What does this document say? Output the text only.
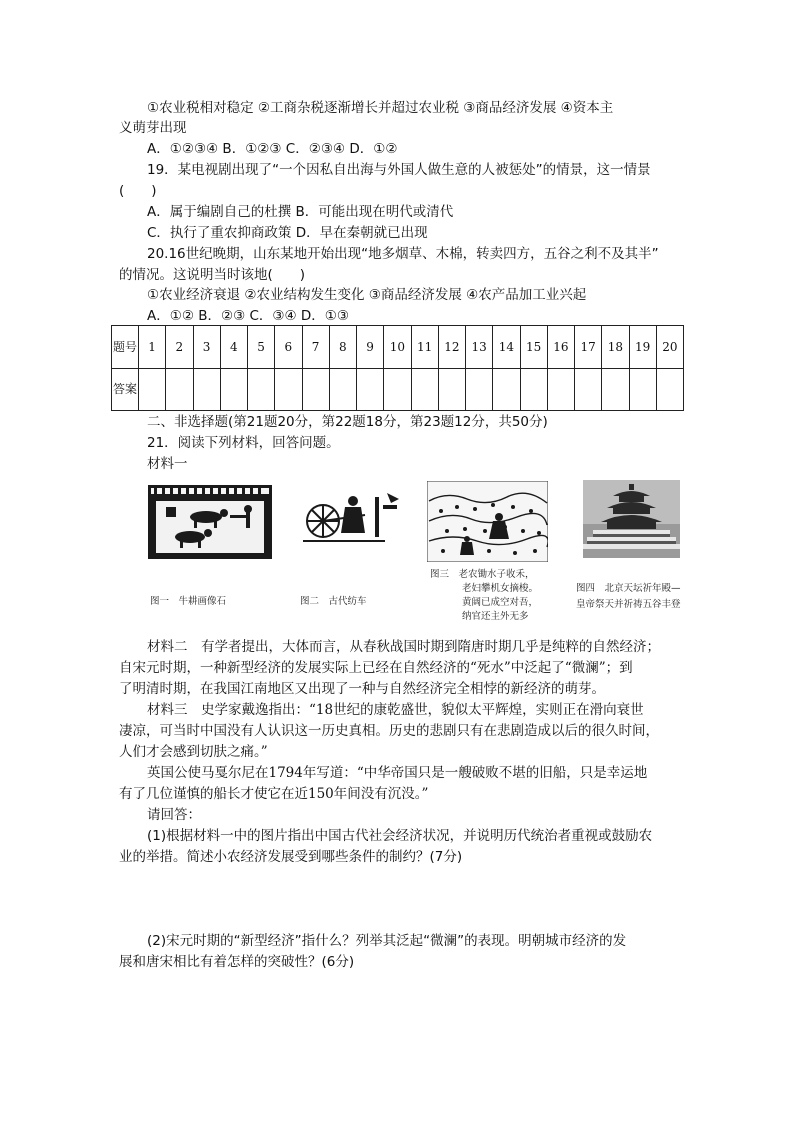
①农业税相对稳定 ②工商杂税逐渐增长并超过农业税 ③商品经济发展 ④资本主
义萌芽出现
A．①②③④ B．①②③ C．②③④ D．①②
19．某电视剧出现了“一个因私自出海与外国人做生意的人被惩处”的情景，这一情景
(　　)
A．属于编剧自己的杜撰 B．可能出现在明代或清代
C．执行了重农抑商政策 D．早在秦朝就已出现
20.16世纪晚期，山东某地开始出现“地多烟草、木棉，转卖四方，五谷之利不及其半”
的情况。这说明当时该地(　　)
①农业经济衰退 ②农业结构发生变化 ③商品经济发展 ④农产品加工业兴起
A．①② B．②③ C．③④ D．①③
题号	1	2	3	4	5	6	7	8	9	10	11	12	13	14	15	16	17	18	19	20
答案																				
二、非选择题(第21题20分，第22题18分，第23题12分，共50分)
21．阅读下列材料，回答问题。
材料一
图一　牛耕画像石	图二　古代纺车
图三　老农锄水子收禾，
老妇攀机女摘梭。
黄阔已成空对吾，
纳官还主外无多
图四　北京天坛祈年殿—
皇帝祭天并祈祷五谷丰登
材料二　有学者提出，大体而言，从春秋战国时期到隋唐时期几乎是纯粹的自然经济；
自宋元时期，一种新型经济的发展实际上已经在自然经济的“死水”中泛起了“微澜”；到
了明清时期，在我国江南地区又出现了一种与自然经济完全相悖的新经济的萌芽。
材料三　史学家戴逸指出：“18世纪的康乾盛世，貌似太平辉煌，实则正在滑向衰世
凄凉，可当时中国没有人认识这一历史真相。历史的悲剧只有在悲剧造成以后的很久时间，
人们才会感到切肤之痛。”
英国公使马戛尔尼在1794年写道：“中华帝国只是一艘破败不堪的旧船，只是幸运地
有了几位谨慎的船长才使它在近150年间没有沉没。”
请回答：
(1)根据材料一中的图片指出中国古代社会经济状况，并说明历代统治者重视或鼓励农
业的举措。简述小农经济发展受到哪些条件的制约？(7分)
(2)宋元时期的“新型经济”指什么？列举其泛起“微澜”的表现。明朝城市经济的发
展和唐宋相比有着怎样的突破性？(6分)
